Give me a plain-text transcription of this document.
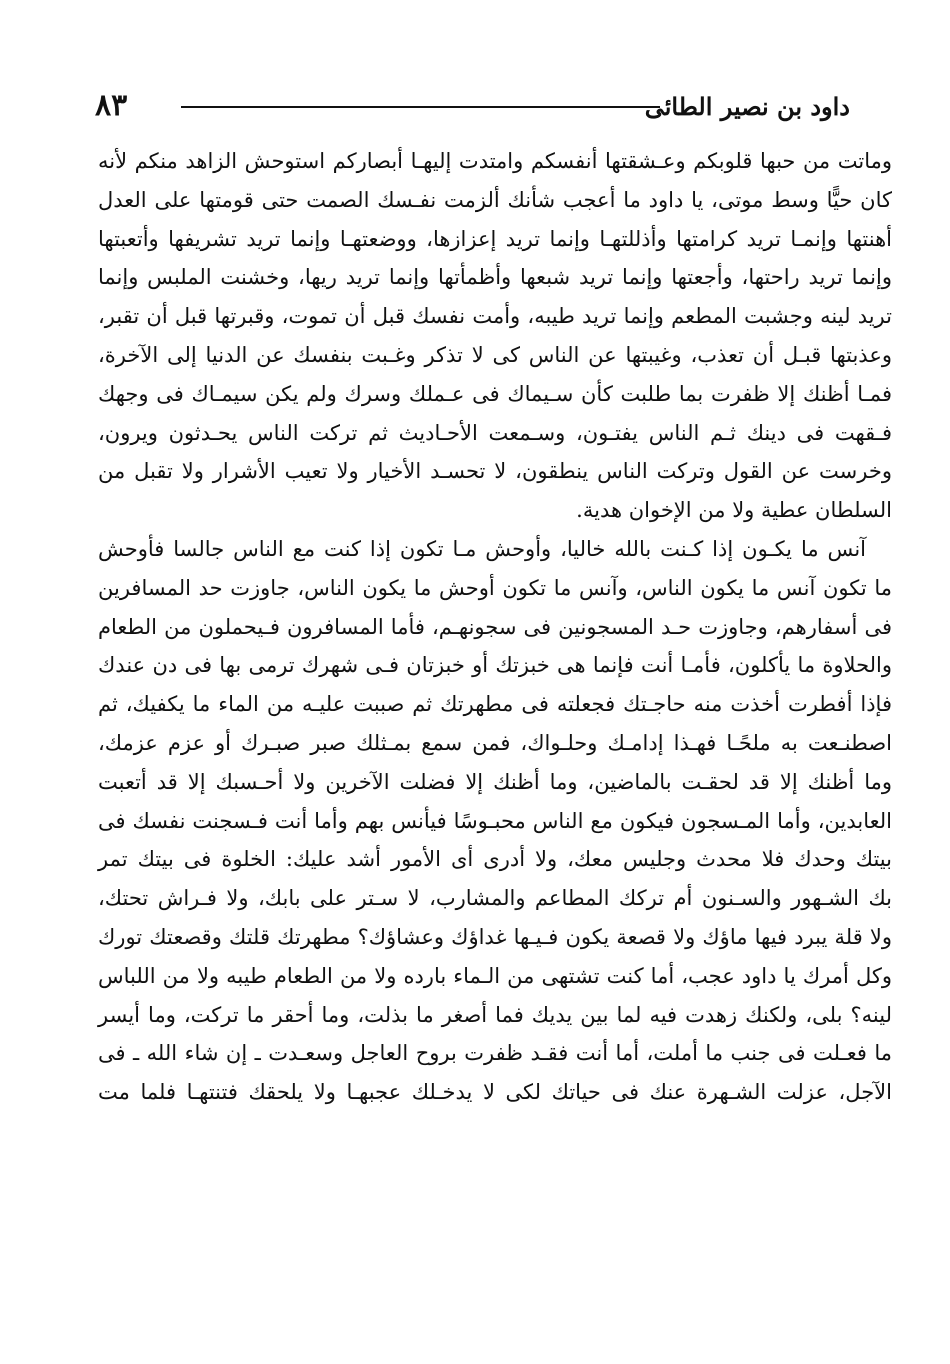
داود بن نصير الطائى
٨٣
وماتت من حبها قلوبكم وعـشقتها أنفسكم وامتدت إليهـا أبصاركم استوحش الزاهد منكم لأنه
كان حيًّا وسط موتى، يا داود ما أعجب شأنك ألزمت نفـسك الصمت حتى قومتها على العدل
أهنتها وإنمـا تريد كرامتها وأذللتهـا وإنما تريد إعزازها، ووضعتهـا وإنما تريد تشريفها وأتعبتها
وإنما تريد راحتها، وأجعتها وإنما تريد شبعها وأظمأتها وإنما تريد ريها، وخشنت الملبس وإنما
تريد لينه وجشبت المطعم وإنما تريد طيبه، وأمت نفسك قبل أن تموت، وقبرتها قبل أن تقبر،
وعذبتها قبـل أن تعذب، وغيبتها عن الناس كى لا تذكر وغـبت بنفسك عن الدنيا إلى الآخرة،
فمـا أظنك إلا ظفرت بما طلبت كأن سـيماك فى عـملك وسرك ولم يكن سيمـاك فى وجهك
فـقهت فى دينك ثـم الناس يفتـون، وسـمعت الأحـاديث ثم تركت الناس يحـدثون ويرون،
وخرست عن القول وتركت الناس ينطقون، لا تحسـد الأخيار ولا تعيب الأشرار ولا تقبل من
السلطان عطية ولا من الإخوان هدية.
آنس ما يكـون إذا كـنت بالله خاليا، وأوحش مـا تكون إذا كنت مع الناس جالسا فأوحش
ما تكون آنس ما يكون الناس، وآنس ما تكون أوحش ما يكون الناس، جاوزت حد المسافرين
فى أسفارهم، وجاوزت حـد المسجونين فى سجونهـم، فأما المسافرون فـيحملون من الطعام
والحلاوة ما يأكلون، فأمـا أنت فإنما هى خبزتك أو خبزتان فـى شهرك ترمى بها فى دن عندك
فإذا أفطرت أخذت منه حاجـتك فجعلته فى مطهرتك ثم صببت عليـه من الماء ما يكفيك، ثم
اصطنـعت به ملحًـا فهـذا إدامـك وحلـواك، فمن سمع بمـثلك صبر صبـرك أو عزم عزمك،
وما أظنك إلا قد لحقـت بالماضين، وما أظنك إلا فضلت الآخرين ولا أحـسبك إلا قد أتعبت
العابدين، وأما المـسجون فيكون مع الناس محبـوسًا فيأنس بهم وأما أنت فـسجنت نفسك فى
بيتك وحدك فلا محدث وجليس معك، ولا أدرى أى الأمور أشد عليك: الخلوة فى بيتك تمر
بك الشـهور والسـنون أم تركك المطاعم والمشارب، لا سـتر على بابك، ولا فـراش تحتك،
ولا قلة يبرد فيها ماؤك ولا قصعة يكون فـيـها غداؤك وعشاؤك؟ مطهرتك قلتك وقصعتك تورك
وكل أمرك يا داود عجب، أما كنت تشتهى من الـماء بارده ولا من الطعام طيبه ولا من اللباس
لينه؟ بلى، ولكنك زهدت فيه لما بين يديك فما أصغر ما بذلت، وما أحقر ما تركت، وما أيسر
ما فعـلت فى جنب ما أملت، أما أنت فقـد ظفرت بروح العاجل وسعـدت ـ إن شاء الله ـ فى
الآجل، عزلت الشـهرة عنك فى حياتك لكى لا يدخـلك عجبهـا ولا يلحقك فتنتهـا فلما مت
